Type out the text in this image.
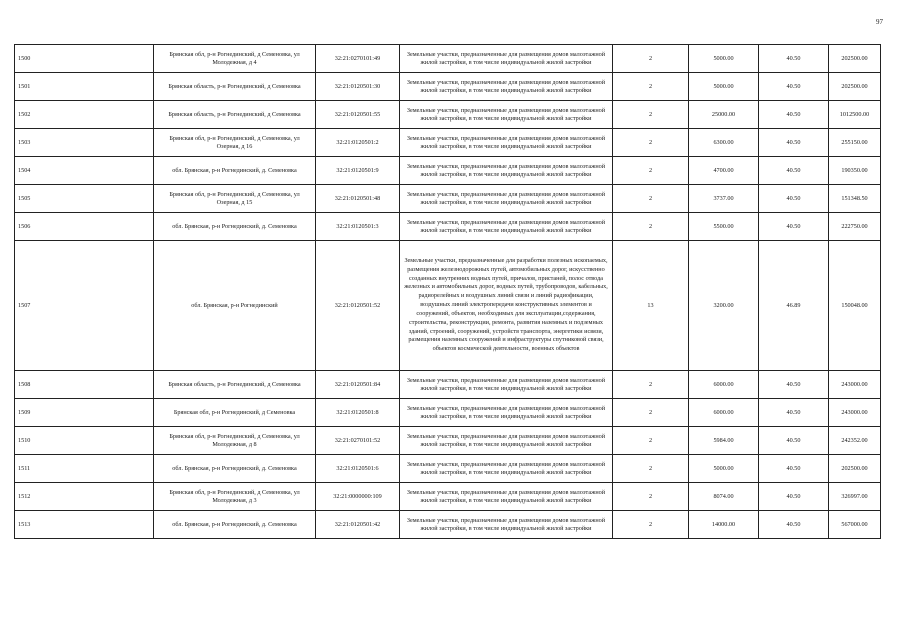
97
1500	Брянская обл, р-н Рогнединский, д Семеновка, ул Молодежная, д 4	32:21:0270101:49	Земельные участки, предназначенные для размещения домов малоэтажной жилой застройки, в том числе индивидуальной жилой застройки	2	5000.00	40.50	202500.00
1501	Брянская область, р-н Рогнединский, д Семеновка	32:21:0120501:30	Земельные участки, предназначенные для размещения домов малоэтажной жилой застройки, в том числе индивидуальной жилой застройки	2	5000.00	40.50	202500.00
1502	Брянская область, р-н Рогнединский, д Семеновка	32:21:0120501:55	Земельные участки, предназначенные для размещения домов малоэтажной жилой застройки, в том числе индивидуальной жилой застройки	2	25000.00	40.50	1012500.00
1503	Брянская обл, р-н Рогнединский, д Семеновка, ул Озерная, д 16	32:21:0120501:2	Земельные участки, предназначенные для размещения домов малоэтажной жилой застройки, в том числе индивидуальной жилой застройки	2	6300.00	40.50	255150.00
1504	обл. Брянская, р-н Рогнединский, д. Семеновка	32:21:0120501:9	Земельные участки, предназначенные для размещения домов малоэтажной жилой застройки, в том числе индивидуальной жилой застройки	2	4700.00	40.50	190350.00
1505	Брянская обл, р-н Рогнединский, д Семеновка, ул Озерная, д 15	32:21:0120501:48	Земельные участки, предназначенные для размещения домов малоэтажной жилой застройки, в том числе индивидуальной жилой застройки	2	3737.00	40.50	151348.50
1506	обл. Брянская, р-н Рогнединский, д. Семеновка	32:21:0120501:3	Земельные участки, предназначенные для размещения домов малоэтажной жилой застройки, в том числе индивидуальной жилой застройки	2	5500.00	40.50	222750.00
1507	обл. Брянская, р-н Рогнединский	32:21:0120501:52	Земельные участки, предназначенные для разработки полезных ископаемых, размещения железнодорожных путей, автомобильных дорог, искусственно созданных внутренних водных путей, причалов, пристаней, полос отвода железных и автомобильных дорог, водных путей, трубопроводов, кабельных, радиорелейных и воздушных линий связи и линий радиофикации, воздушных линий электропередачи конструктивных элементов и сооружений, объектов, необходимых для эксплуатации,содержания, строительства, реконструкции, ремонта, развития наземных и подземных зданий, строений, сооружений, устройств транспорта, энергетики исвязи, размещения наземных сооружений и инфраструктуры спутниковой связи, объектов космической деятельности, военных объектов	13	3200.00	46.89	150048.00
1508	Брянская область, р-н Рогнединский, д Семеновка	32:21:0120501:84	Земельные участки, предназначенные для размещения домов малоэтажной жилой застройки, в том числе индивидуальной жилой застройки	2	6000.00	40.50	243000.00
1509	Брянская обл, р-н Рогнединский, д Семеновка	32:21:0120501:8	Земельные участки, предназначенные для размещения домов малоэтажной жилой застройки, в том числе индивидуальной жилой застройки	2	6000.00	40.50	243000.00
1510	Брянская обл, р-н Рогнединский, д Семеновка, ул Молодежная, д 8	32:21:0270101:52	Земельные участки, предназначенные для размещения домов малоэтажной жилой застройки, в том числе индивидуальной жилой застройки	2	5984.00	40.50	242352.00
1511	обл. Брянская, р-н Рогнединский, д. Семеновка	32:21:0120501:6	Земельные участки, предназначенные для размещения домов малоэтажной жилой застройки, в том числе индивидуальной жилой застройки	2	5000.00	40.50	202500.00
1512	Брянская обл, р-н Рогнединский, д Семеновка, ул Молодежная, д 3	32:21:0000000:109	Земельные участки, предназначенные для размещения домов малоэтажной жилой застройки, в том числе индивидуальной жилой застройки	2	8074.00	40.50	326997.00
1513	обл. Брянская, р-н Рогнединский, д. Семеновка	32:21:0120501:42	Земельные участки, предназначенные для размещения домов малоэтажной жилой застройки, в том числе индивидуальной жилой застройки	2	14000.00	40.50	567000.00
